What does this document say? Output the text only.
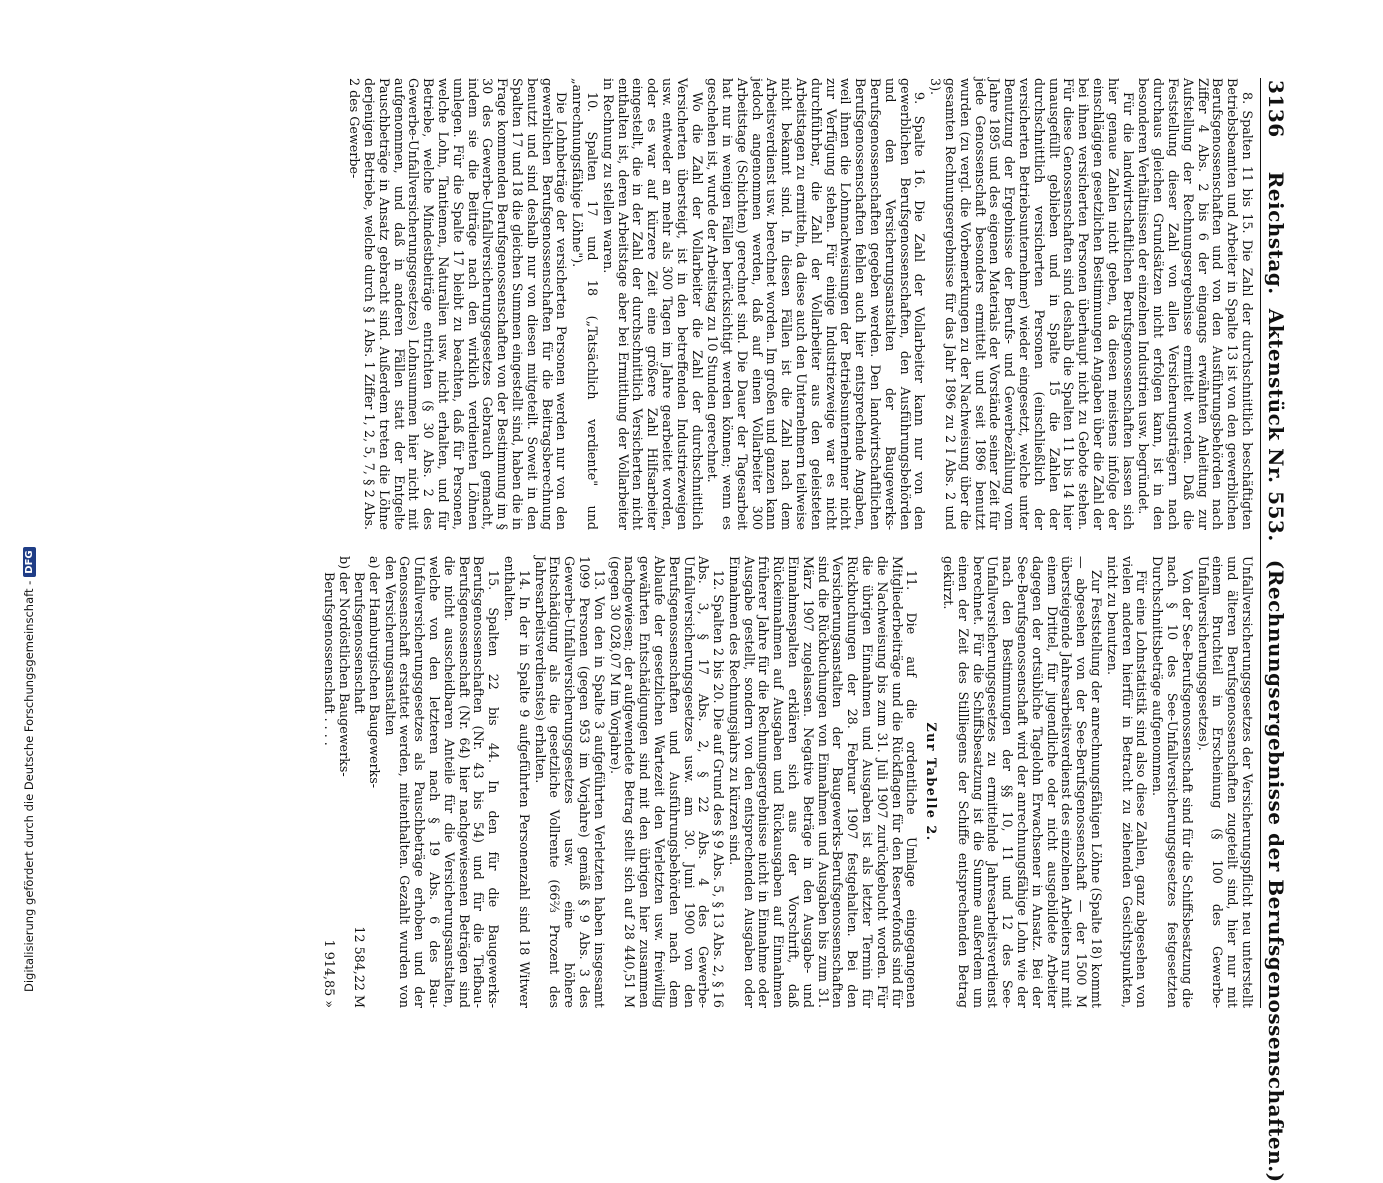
Digitalisierung gefördert durch die Deutsche Forschungsgemeinschaft -
DFG
3136
Reichstag.
Aktenstück Nr. 553.
(Rechnungsergebnisse der Berufsgenossenschaften.)

8. Spalten 11 bis 15. Die Zahl der durchschnittlich beschäftigten Betriebsbeamten und Arbeiter in Spalte 13 ist von den gewerblichen Berufsgenossenschaften und von den Ausführungsbehörden nach Ziffer 4 Abs. 2 bis 6 der eingangs erwähnten Anleitung zur Aufstellung der Rechnungsergebnisse ermittelt worden. Daß die Feststellung dieser Zahl von allen Versicherungsträgern nach durchaus gleichen Grundsätzen nicht erfolgen kann, ist in den besonderen Verhältnissen der einzelnen Industrien usw. begründet.

Für die landwirtschaftlichen Berufsgenossenschaften lassen sich hier genaue Zahlen nicht geben, da diesen meistens infolge der einschlägigen gesetzlichen Bestimmungen Angaben über die Zahl der bei ihnen versicherten Personen überhaupt nicht zu Gebote stehen. Für diese Genossenschaften sind deshalb die Spalten 11 bis 14 hier unausgefüllt geblieben und in Spalte 15 die Zahlen der durchschnittlich versicherten Personen (einschließlich der versicherten Betriebsunternehmer) wieder eingesetzt, welche unter Benutzung der Ergebnisse der Berufs- und Gewerbezählung vom Jahre 1895 und des eigenen Materials der Vorstände seiner Zeit für jede Genossenschaft besonders ermittelt und seit 1896 benutzt wurden (zu vergl. die Vorbemerkungen zu der Nachweisung über die gesamten Rechnungsergebnisse für das Jahr 1896 zu 2 I Abs. 2 und 3).

9. Spalte 16. Die Zahl der Vollarbeiter kann nur von den gewerblichen Berufsgenossenschaften, den Ausführungsbehörden und den Versicherungsanstalten der Baugewerks-Berufsgenossenschaften gegeben werden. Den landwirtschaftlichen Berufsgenossenschaften fehlen auch hier entsprechende Angaben, weil ihnen die Lohnnachweisungen der Betriebsunternehmer nicht zur Verfügung stehen. Für einige Industriezweige war es nicht durchführbar, die Zahl der Vollarbeiter aus den geleisteten Arbeitstagen zu ermitteln, da diese auch den Unternehmern teilweise nicht bekannt sind. In diesen Fällen ist die Zahl nach dem Arbeitsverdienst usw. berechnet worden. Im großen und ganzen kann jedoch angenommen werden, daß auf einen Vollarbeiter 300 Arbeitstage (Schichten) gerechnet sind. Die Dauer der Tagesarbeit hat nur in wenigen Fällen berücksichtigt werden können; wenn es geschehen ist, wurde der Arbeitstag zu 10 Stunden gerechnet.

Wo die Zahl der Vollarbeiter die Zahl der durchschnittlich Versicherten übersteigt, ist in den betreffenden Industriezweigen usw. entweder an mehr als 300 Tagen im Jahre gearbeitet worden, oder es war auf kürzere Zeit eine größere Zahl Hilfsarbeiter eingestellt, die in der Zahl der durchschnittlich Versicherten nicht enthalten ist, deren Arbeitstage aber bei Ermittlung der Vollarbeiter in Rechnung zu stellen waren.

10. Spalten 17 und 18 („Tatsächlich verdiente" und „anrechnungsfähige Löhne").

Die Lohnbeträge der versicherten Personen werden nur von den gewerblichen Berufsgenossenschaften für die Beitragsberechnung benutzt und sind deshalb nur von diesen mitgeteilt. Soweit in den Spalten 17 und 18 die gleichen Summen eingestellt sind, haben die in Frage kommenden Berufsgenossenschaften von der Bestimmung im § 30 des Gewerbe-Unfallversicherungsgesetzes Gebrauch gemacht, indem sie die Beiträge nach den wirklich verdienten Löhnen umlegen. Für die Spalte 17 bleibt zu beachten, daß für Personen, welche Lohn, Tantiemen, Naturalien usw. nicht erhalten, und für Betriebe, welche Mindestbeiträge entrichten (§ 30 Abs. 2 des Gewerbe-Unfallversicherungsgesetzes) Lohnsummen hier nicht mit aufgenommen, und daß in anderen Fällen statt der Entgelte Pauschbeträge in Ansatz gebracht sind. Außerdem treten die Löhne derjenigen Betriebe, welche durch § 1 Abs. 1 Ziffer 1, 2, 5, 7, § 2 Abs. 2 des Gewerbe-

Unfallversicherungsgesetzes der Versicherungspflicht neu unterstellt und älteren Berufsgenossenschaften zugeteilt sind, hier nur mit einem Bruchteil in Erscheinung (§ 100 des Gewerbe-Unfallversicherungsgesetzes).

Von der See-Berufsgenossenschaft sind für die Schiffsbesatzung die nach § 10 des See-Unfallversicherungsgesetzes festgesetzten Durchschnittsbeträge aufgenommen.

Für eine Lohnstatistik sind also diese Zahlen, ganz abgesehen von vielen anderen hierfür in Betracht zu ziehenden Gesichtspunkten, nicht zu benutzen.

Zur Feststellung der anrechnungsfähigen Löhne (Spalte 18) kommt — abgesehen von der See-Berufsgenossenschaft — der 1500 M übersteigende Jahresarbeitsverdienst des einzelnen Arbeiters nur mit einem Drittel, für jugendliche oder nicht ausgebildete Arbeiter dagegen der ortsübliche Tagelohn Erwachsener in Ansatz. Bei der See-Berufsgenossenschaft wird der anrechnungsfähige Lohn wie der nach den Bestimmungen der §§ 10, 11 und 12 des See-Unfallversicherungsgesetzes zu ermittelnde Jahresarbeitsverdienst berechnet. Für die Schiffsbesatzung ist die Summe außerdem um einen der Zeit des Stillliegens der Schiffe entsprechenden Betrag gekürzt.

Zur Tabelle 2.

11. Die auf die ordentliche Umlage eingegangenen Mitgliederbeiträge und die Rückflagen für den Reservefonds sind für die Nachweisung bis zum 31. Juli 1907 zurückgebucht worden. Für die übrigen Einnahmen und Ausgaben ist als letzter Termin für Rückbuchungen der 28. Februar 1907 festgehalten. Bei den Versicherungsanstalten der Baugewerks-Berufsgenossenschaften sind die Rückbuchungen von Einnahmen und Ausgaben bis zum 31. März 1907 zugelassen. Negative Beträge in den Ausgabe- und Einnahmespalten erklären sich aus der Vorschrift, daß Rückeinnahmen auf Ausgaben und Rückausgaben auf Einnahmen früherer Jahre für die Rechnungsergebnisse nicht in Einnahme oder Ausgabe gestellt, sondern von den entsprechenden Ausgaben oder Einnahmen des Rechnungsjahrs zu kürzen sind.

12. Spalten 2 bis 20. Die auf Grund des § 9 Abs. 5, § 13 Abs. 2, § 16 Abs. 3, § 17 Abs. 2, § 22 Abs. 4 des Gewerbe-Unfallversicherungsgesetzes usw. am 30. Juni 1900 von den Berufsgenossenschaften und Ausführungsbehörden nach dem Ablaufe der gesetzlichen Wartezeit den Verletzten usw. freiwillig gewährten Entschädigungen sind mit den übrigen hier zusammen nachgewiesen; der aufgewendete Betrag stellt sich auf 28 440,51 M (gegen 30 028,07 M im Vorjahre).

13. Von den in Spalte 3 aufgeführten Verletzten haben insgesamt 1099 Personen (gegen 953 im Vorjahre) gemäß § 9 Abs. 3 des Gewerbe-Unfallversicherungsgesetzes usw. eine höhere Entschädigung als die gesetzliche Vollrente (66⅔ Prozent des Jahresarbeitsverdienstes) erhalten.

14. In der in Spalte 9 aufgeführten Personenzahl sind 18 Witwer enthalten.

15. Spalten 22 bis 44. In den für die Baugewerks-Berufsgenossenschaften (Nr. 43 bis 54) und für die Tiefbau-Berufsgenossenschaft (Nr. 64) hier nachgewiesenen Beträgen sind die nicht ausscheidbaren Anteile für die Versicherungsanstalten, welche von den letzteren nach § 19 Abs. 6 des Bau-Unfallversicherungsgesetzes als Pauschbeträge erhoben und der Genossenschaft erstattet werden, mitenthalten. Gezahlt wurden von den Versicherungsanstalten

a)
der Hamburgischen Baugewerks-
Berufsgenossenschaft
12 584,22 M
b)
der Nordöstlichen Baugewerks-
Berufsgenossenschaft . . . .
1 914,85 »
